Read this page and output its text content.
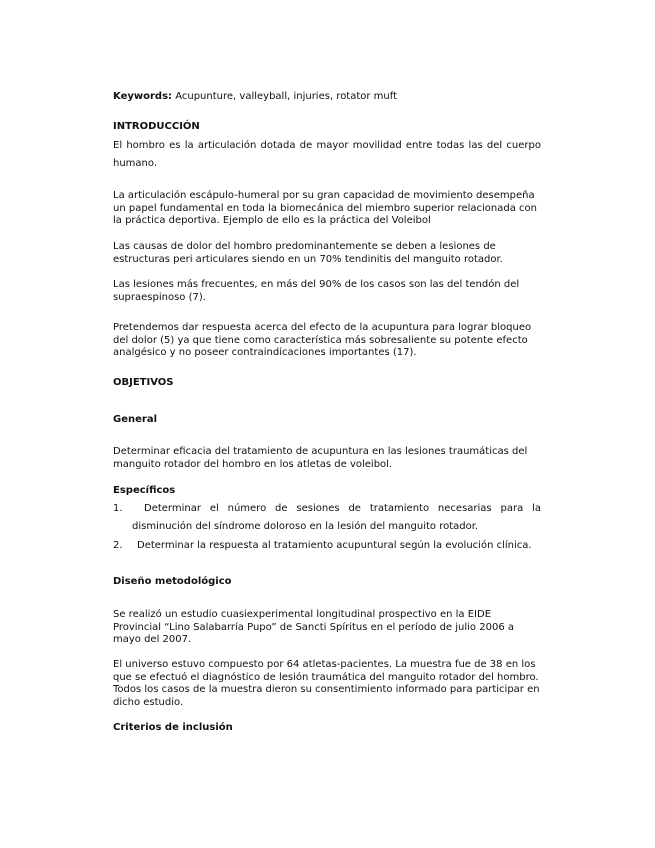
Keywords: Acupunture, valleyball, injuries, rotator muft

INTRODUCCIÓN

El hombro es la articulación dotada de mayor movilidad entre todas las del cuerpo humano.

La articulación escápulo-humeral por su gran capacidad de movimiento desempeña un papel fundamental en toda la biomecánica del miembro superior relacionada con la práctica deportiva. Ejemplo de ello es la práctica del Voleibol

Las causas de dolor del hombro predominantemente se deben a lesiones de estructuras peri articulares siendo en un 70% tendinitis del manguito rotador.

Las lesiones más frecuentes, en más del 90% de los casos son las del tendón del supraespinoso (7).

Pretendemos dar respuesta acerca del efecto de la acupuntura para lograr bloqueo del dolor (5) ya que tiene como característica más sobresaliente su potente efecto analgésico y no poseer contraindicaciones importantes (17).

OBJETIVOS

General

Determinar eficacia del tratamiento de acupuntura en las lesiones traumáticas del manguito rotador del hombro en los atletas de voleibol.

Específicos

1.	Determinar el número de sesiones de tratamiento necesarias para la disminución del síndrome doloroso en la lesión del manguito rotador.
2.	Determinar la respuesta al tratamiento acupuntural según la evolución clínica.

Diseño metodológico

Se realizó un estudio cuasiexperimental longitudinal prospectivo en la EIDE Provincial “Lino Salabarría Pupo” de Sancti Spíritus en el período de julio 2006 a mayo del 2007.

El universo estuvo compuesto por 64 atletas-pacientes. La muestra fue de 38 en los que se efectuó el diagnóstico de lesión traumática del manguito rotador del hombro. Todos los casos de la muestra dieron su consentimiento informado para participar en dicho estudio.

Criterios de inclusión
